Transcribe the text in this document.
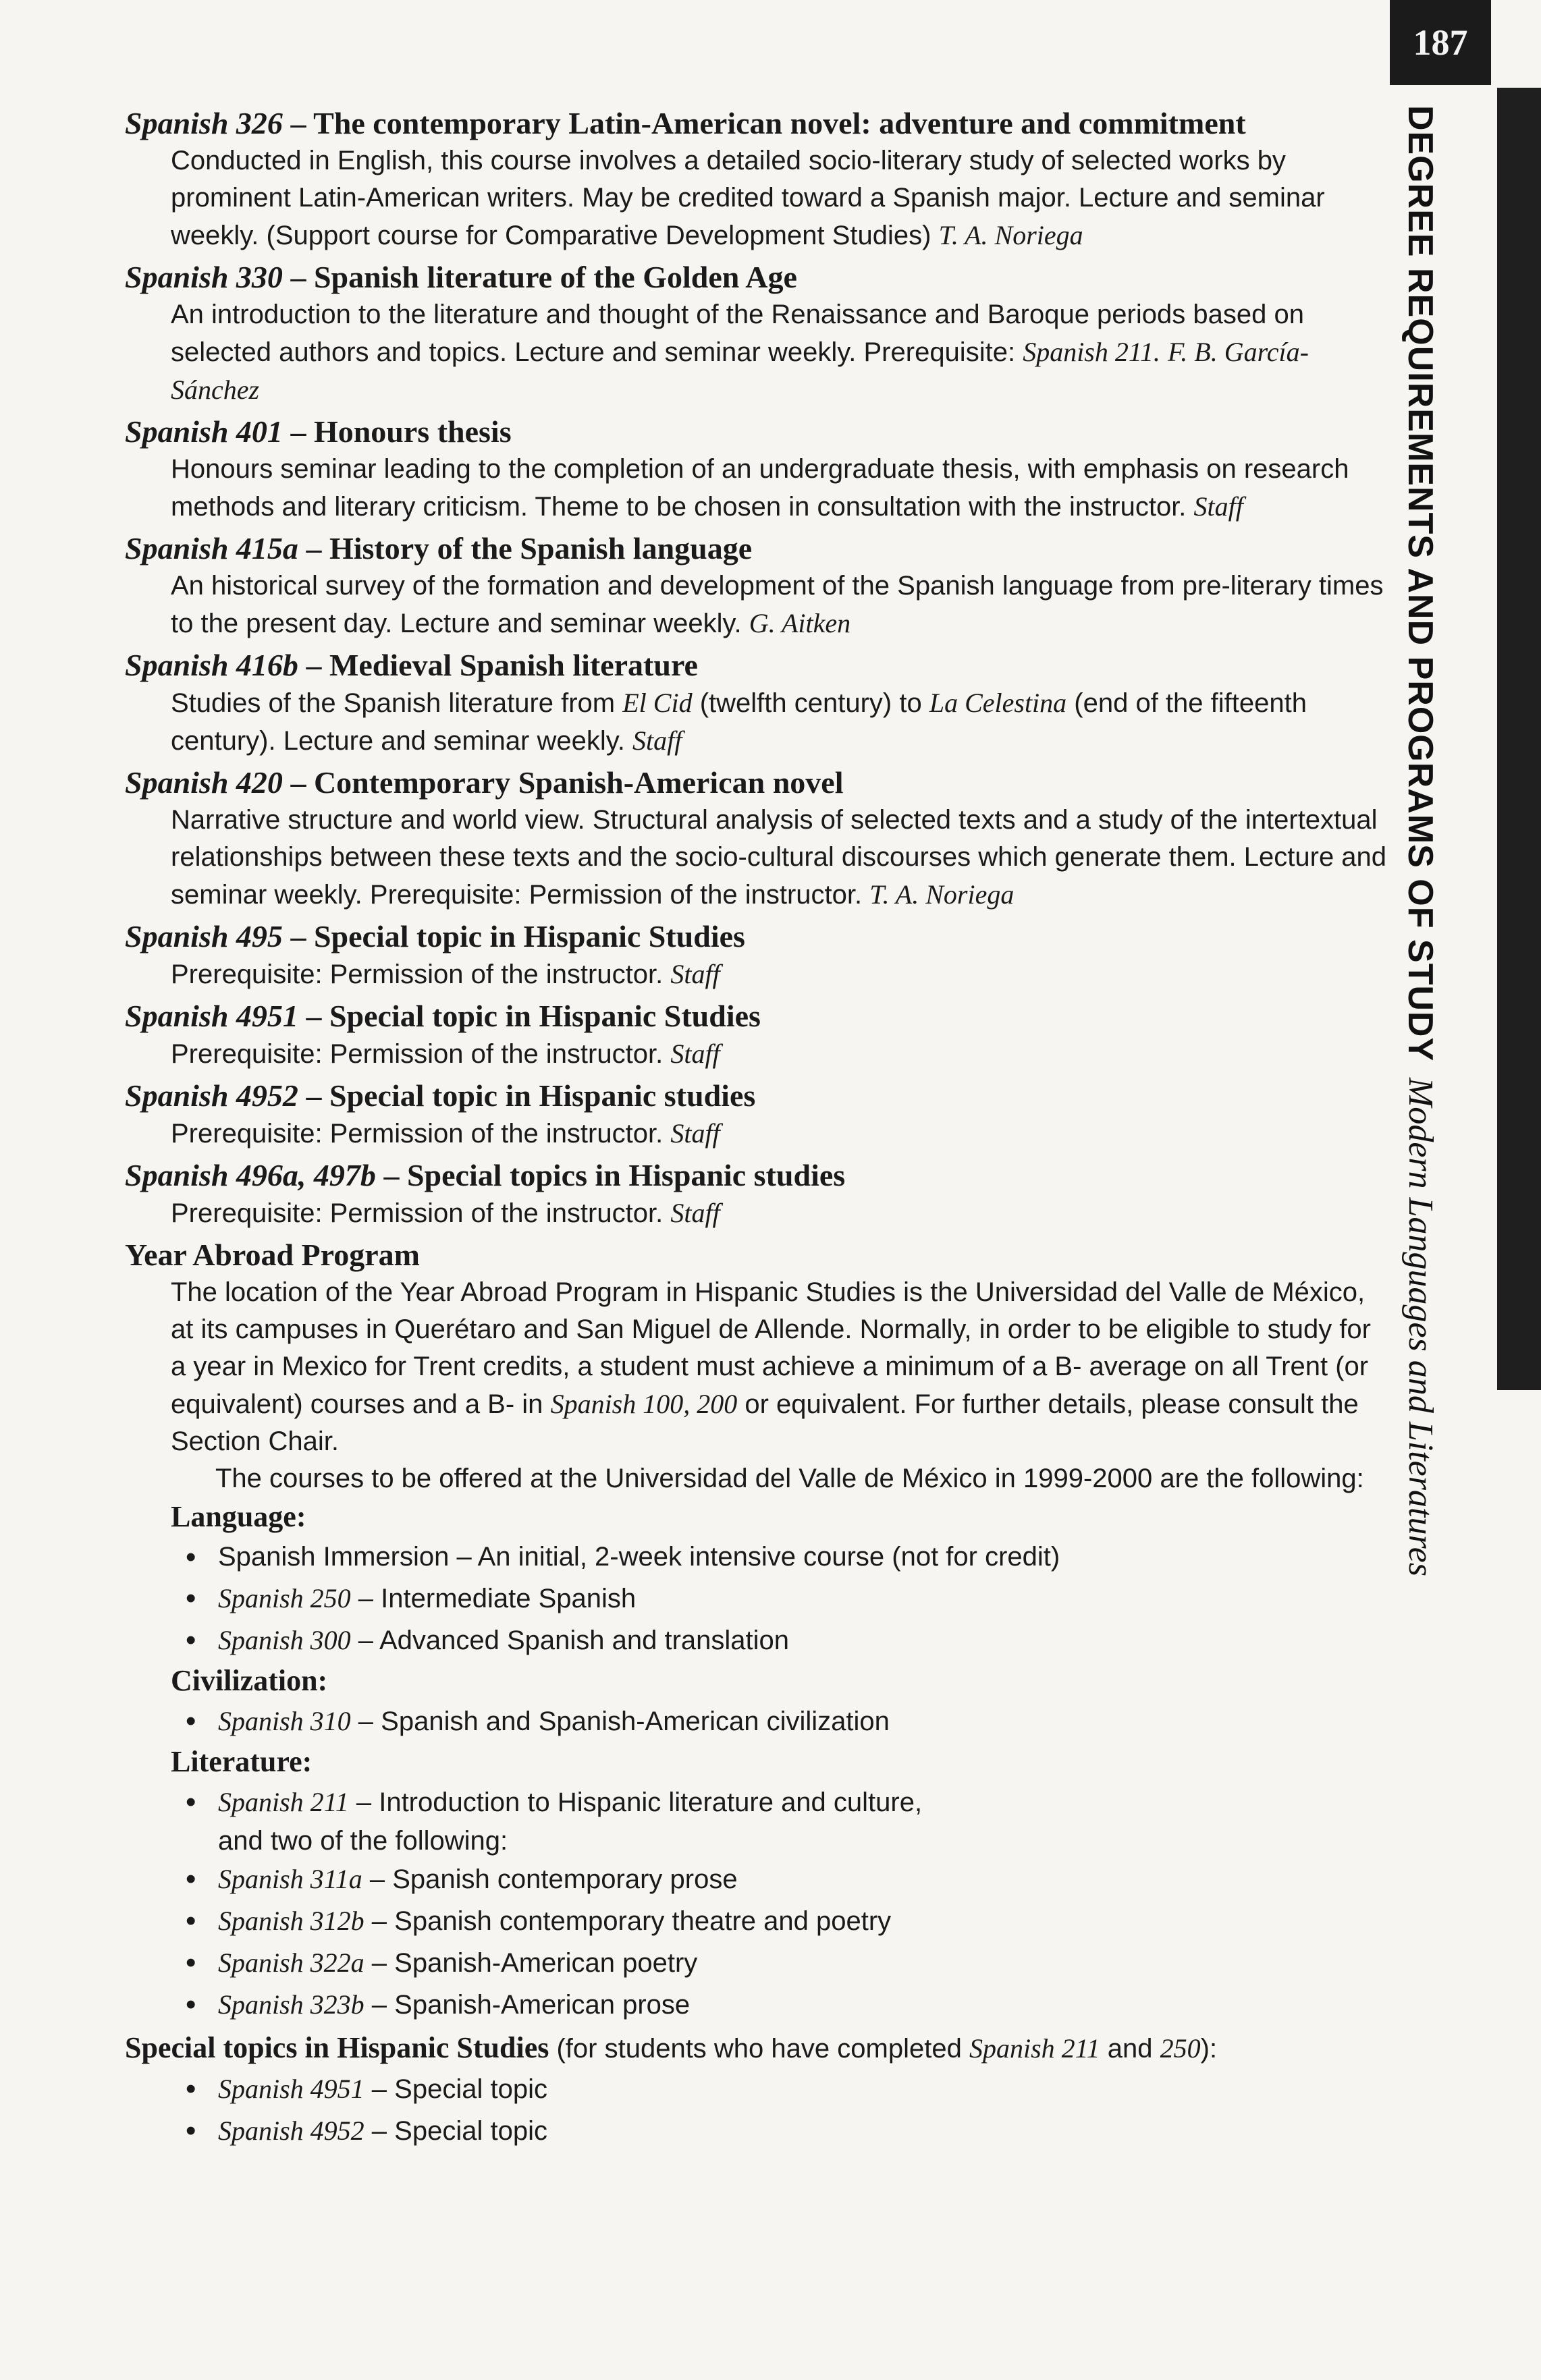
187
DEGREE REQUIREMENTS AND PROGRAMS OF STUDYModern Languages and Literatures
Spanish 326 – The contemporary Latin-American novel: adventure and commitment
Conducted in English, this course involves a detailed socio-literary study of selected works by prominent Latin-American writers. May be credited toward a Spanish major. Lecture and seminar weekly. (Support course for Comparative Development Studies) T. A. Noriega
Spanish 330 – Spanish literature of the Golden Age
An introduction to the literature and thought of the Renaissance and Baroque periods based on selected authors and topics. Lecture and seminar weekly. Prerequisite: Spanish 211. F. B. García-Sánchez
Spanish 401 – Honours thesis
Honours seminar leading to the completion of an undergraduate thesis, with emphasis on research methods and literary criticism. Theme to be chosen in consultation with the instructor. Staff
Spanish 415a – History of the Spanish language
An historical survey of the formation and development of the Spanish language from pre-literary times to the present day. Lecture and seminar weekly. G. Aitken
Spanish 416b – Medieval Spanish literature
Studies of the Spanish literature from El Cid (twelfth century) to La Celestina (end of the fifteenth century). Lecture and seminar weekly. Staff
Spanish 420 – Contemporary Spanish-American novel
Narrative structure and world view. Structural analysis of selected texts and a study of the intertextual relationships between these texts and the socio-cultural discourses which generate them. Lecture and seminar weekly. Prerequisite: Permission of the instructor. T. A. Noriega
Spanish 495 – Special topic in Hispanic Studies
Prerequisite: Permission of the instructor. Staff
Spanish 4951 – Special topic in Hispanic Studies
Prerequisite: Permission of the instructor. Staff
Spanish 4952 – Special topic in Hispanic studies
Prerequisite: Permission of the instructor. Staff
Spanish 496a, 497b – Special topics in Hispanic studies
Prerequisite: Permission of the instructor. Staff
Year Abroad Program
The location of the Year Abroad Program in Hispanic Studies is the Universidad del Valle de México, at its campuses in Querétaro and San Miguel de Allende. Normally, in order to be eligible to study for a year in Mexico for Trent credits, a student must achieve a minimum of a B- average on all Trent (or equivalent) courses and a B- in Spanish 100, 200 or equivalent. For further details, please consult the Section Chair.
The courses to be offered at the Universidad del Valle de México in 1999-2000 are the following:
Language:
• Spanish Immersion – An initial, 2-week intensive course (not for credit)
• Spanish 250 – Intermediate Spanish
• Spanish 300 – Advanced Spanish and translation
Civilization:
• Spanish 310 – Spanish and Spanish-American civilization
Literature:
• Spanish 211 – Introduction to Hispanic literature and culture,
and two of the following:
• Spanish 311a – Spanish contemporary prose
• Spanish 312b – Spanish contemporary theatre and poetry
• Spanish 322a – Spanish-American poetry
• Spanish 323b – Spanish-American prose
Special topics in Hispanic Studies (for students who have completed Spanish 211 and 250):
• Spanish 4951 – Special topic
• Spanish 4952 – Special topic
